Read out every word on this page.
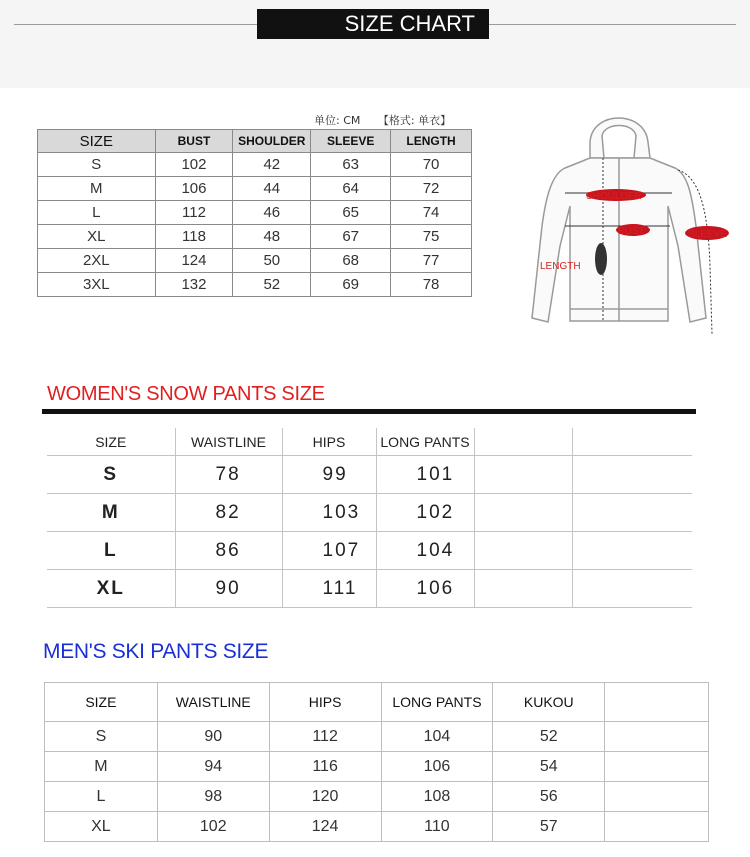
SIZE CHART
单位: CM 【格式: 单衣】
SIZE	BUST	SHOULDER	SLEEVE	LENGTH
S	102	42	63	70
M	106	44	64	72
L	112	46	65	74
XL	118	48	67	75
2XL	124	50	68	77
3XL	132	52	69	78
SHOULDER
BUST	SLEEVE
LENGTH
WOMEN'S SNOW PANTS SIZE
SIZE	WAISTLINE	HIPS	LONG PANTS		
S	78	99	101		
M	82	103	102		
L	86	107	104		
XL	90	111	106		
MEN'S SKI PANTS SIZE
SIZE	WAISTLINE	HIPS	LONG PANTS	KUKOU	
S	90	112	104	52	
M	94	116	106	54	
L	98	120	108	56	
XL	102	124	110	57	
